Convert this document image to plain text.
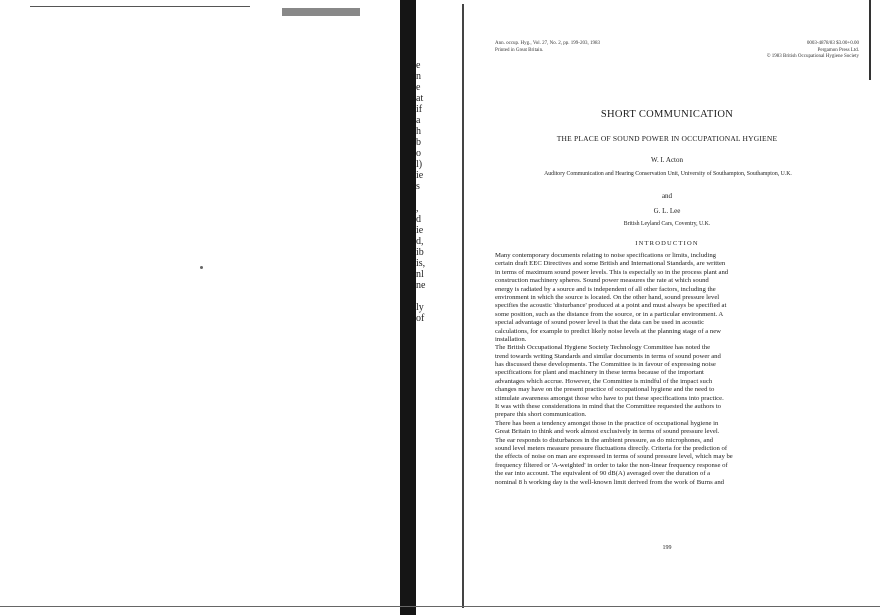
e
n
e
at
if
a
h
b
o
l)
ie
s
,
d
ie
d,
ib
is,
nl
ne
ly
of
Ann. occup. Hyg., Vol. 27, No. 2, pp. 199-203, 1983
Printed in Great Britain.
0003-4878/83 $3.00+0.00
Pergamon Press Ltd.
© 1983 British Occupational Hygiene Society
SHORT COMMUNICATION
THE PLACE OF SOUND POWER IN OCCUPATIONAL HYGIENE
W. I. Acton
Auditory Communication and Hearing Conservation Unit, University of Southampton, Southampton, U.K.
and
G. L. Lee
British Leyland Cars, Coventry, U.K.
INTRODUCTION
Many contemporary documents relating to noise specifications or limits, including
certain draft EEC Directives and some British and International Standards, are written
in terms of maximum sound power levels. This is especially so in the process plant and
construction machinery spheres. Sound power measures the rate at which sound
energy is radiated by a source and is independent of all other factors, including the
environment in which the source is located. On the other hand, sound pressure level
specifies the acoustic 'disturbance' produced at a point and must always be specified at
some position, such as the distance from the source, or in a particular environment. A
special advantage of sound power level is that the data can be used in acoustic
calculations, for example to predict likely noise levels at the planning stage of a new
installation.
The British Occupational Hygiene Society Technology Committee has noted the
trend towards writing Standards and similar documents in terms of sound power and
has discussed these developments. The Committee is in favour of expressing noise
specifications for plant and machinery in these terms because of the important
advantages which accrue. However, the Committee is mindful of the impact such
changes may have on the present practice of occupational hygiene and the need to
stimulate awareness amongst those who have to put these specifications into practice.
It was with these considerations in mind that the Committee requested the authors to
prepare this short communication.
There has been a tendency amongst those in the practice of occupational hygiene in
Great Britain to think and work almost exclusively in terms of sound pressure level.
The ear responds to disturbances in the ambient pressure, as do microphones, and
sound level meters measure pressure fluctuations directly. Criteria for the prediction of
the effects of noise on man are expressed in terms of sound pressure level, which may be
frequency filtered or 'A-weighted' in order to take the non-linear frequency response of
the ear into account. The equivalent of 90 dB(A) averaged over the duration of a
nominal 8 h working day is the well-known limit derived from the work of Burns and
199
